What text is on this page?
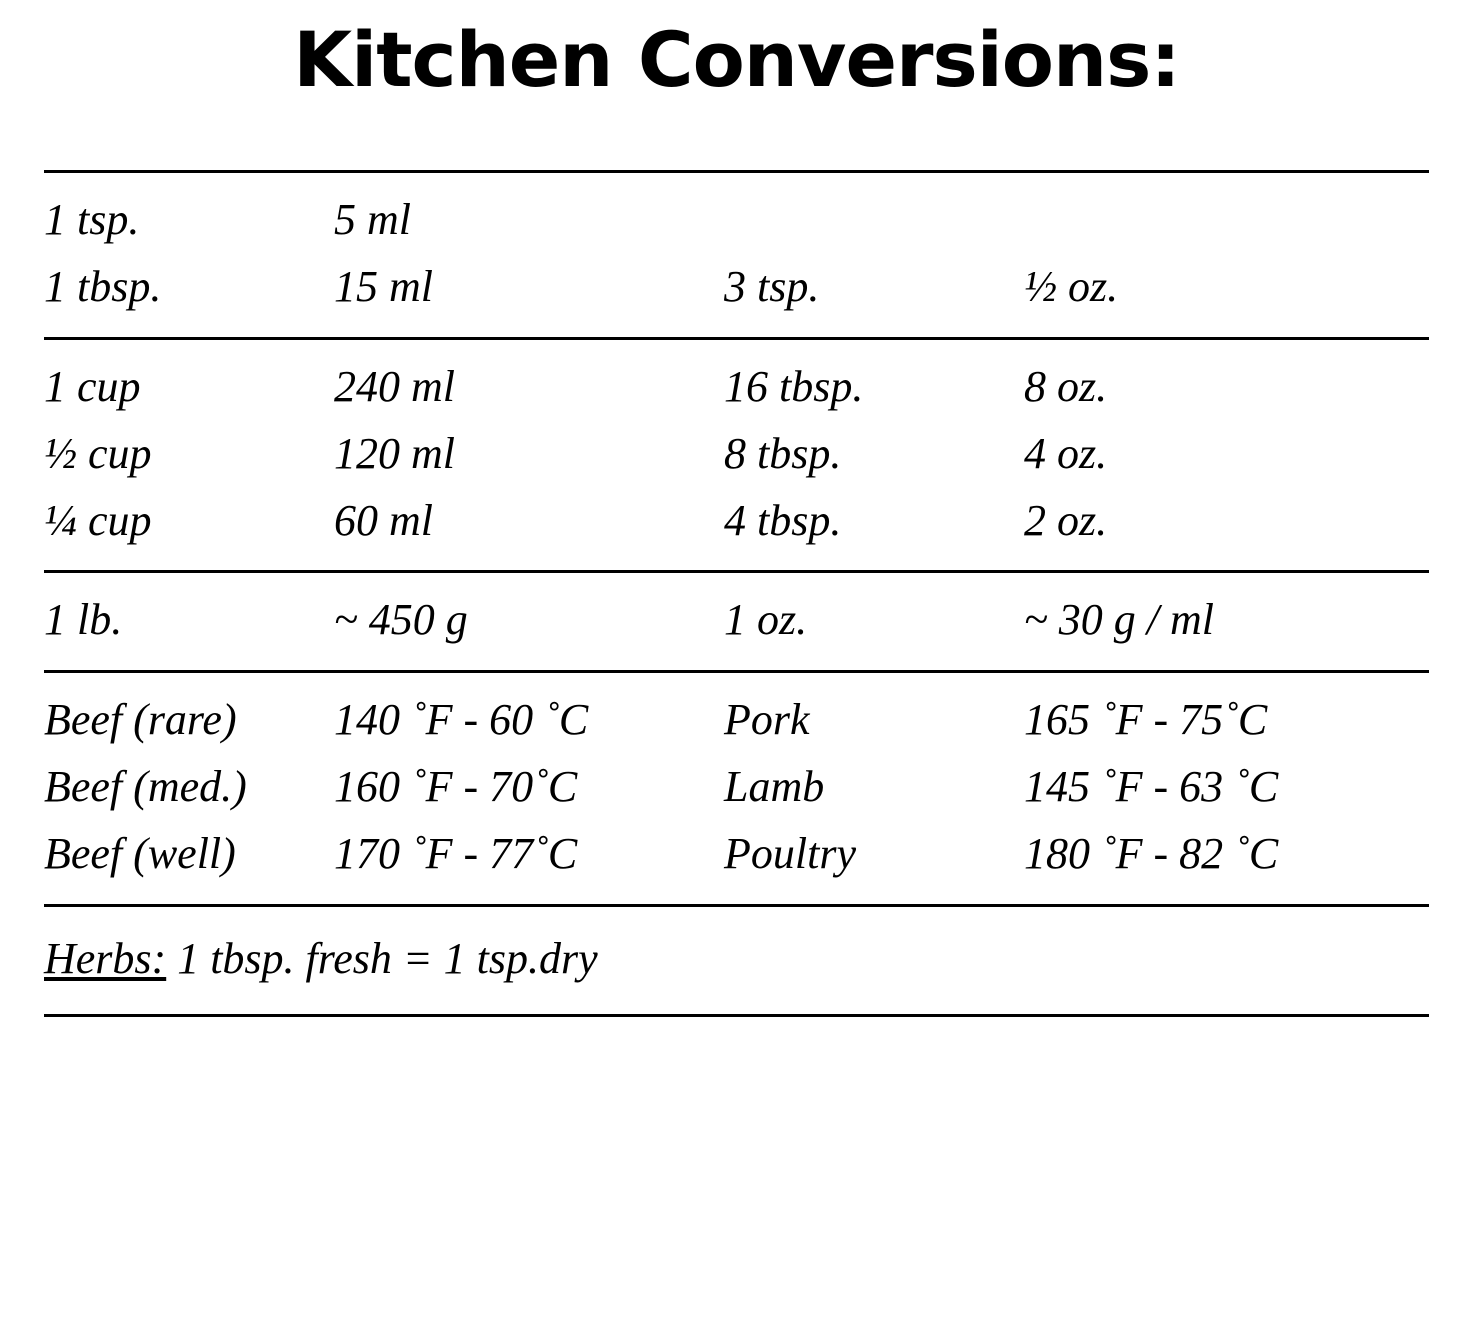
Kitchen Conversions:
1 tsp.	5 ml
1 tbsp.	15 ml	3 tsp.	½ oz.
1 cup	240 ml	16 tbsp.	8 oz.
½ cup	120 ml	8 tbsp.	4 oz.
¼ cup	60 ml	4 tbsp.	2 oz.
1 lb.	~ 450 g	1 oz.	~ 30 g / ml
Beef (rare)	140 ˚F - 60 ˚C	Pork	165 ˚F - 75˚C
Beef (med.)	160 ˚F - 70˚C	Lamb	145 ˚F - 63 ˚C
Beef (well)	170 ˚F - 77˚C	Poultry	180 ˚F - 82 ˚C
Herbs: 1 tbsp. fresh = 1 tsp.dry
